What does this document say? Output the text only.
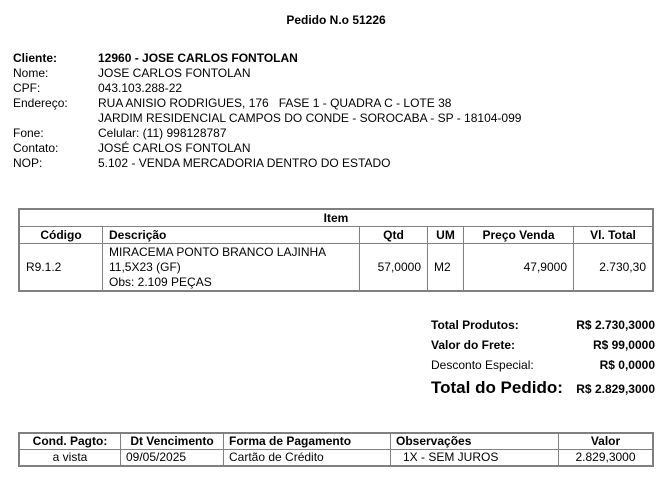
Pedido N.o 51226
Cliente:	12960 - JOSE CARLOS FONTOLAN
Nome:	JOSE CARLOS FONTOLAN
CPF:	043.103.288-22
Endereço:	RUA ANISIO RODRIGUES, 176   FASE 1 - QUADRA C - LOTE 38
JARDIM RESIDENCIAL CAMPOS DO CONDE - SOROCABA - SP - 18104-099
Fone:	Celular: (11) 998128787
Contato:	JOSÉ CARLOS FONTOLAN
NOP:	5.102 - VENDA MERCADORIA DENTRO DO ESTADO
Item					
Código	Descrição	Qtd	UM	Preço Venda	Vl. Total
R9.1.2	MIRACEMA PONTO BRANCO LAJINHA
11,5X23 (GF)
Obs: 2.109 PEÇAS	57,0000	M2	47,9000	2.730,30
Total Produtos:	R$ 2.730,3000
Valor do Frete:	R$ 99,0000
Desconto Especial:	R$ 0,0000
Total do Pedido: R$ 2.829,3000
Cond. Pagto:	Dt Vencimento	Forma de Pagamento	Observações	Valor
a vista	09/05/2025	Cartão de Crédito	1X - SEM JUROS	2.829,3000
